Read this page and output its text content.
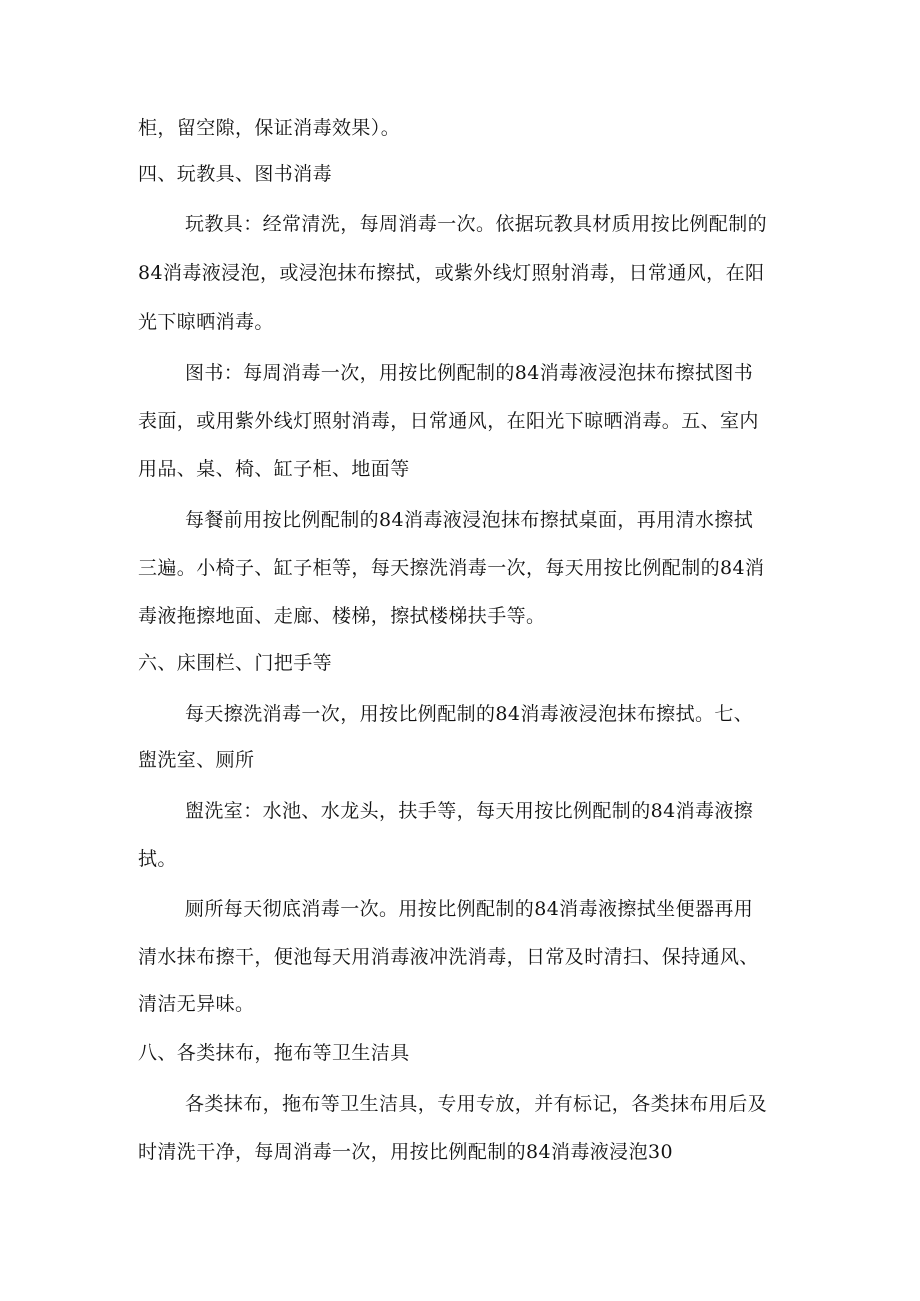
柜，留空隙，保证消毒效果）。
四、玩教具、图书消毒
玩教具：经常清洗，每周消毒一次。依据玩教具材质用按比例配制的
84消毒液浸泡，或浸泡抹布擦拭，或紫外线灯照射消毒，日常通风，在阳
光下晾晒消毒。
图书：每周消毒一次，用按比例配制的84消毒液浸泡抹布擦拭图书
表面，或用紫外线灯照射消毒，日常通风，在阳光下晾晒消毒。五、室内
用品、桌、椅、缸子柜、地面等
每餐前用按比例配制的84消毒液浸泡抹布擦拭桌面，再用清水擦拭
三遍。小椅子、缸子柜等，每天擦洗消毒一次，每天用按比例配制的84消
毒液拖擦地面、走廊、楼梯，擦拭楼梯扶手等。
六、床围栏、门把手等
每天擦洗消毒一次，用按比例配制的84消毒液浸泡抹布擦拭。七、
盥洗室、厕所
盥洗室：水池、水龙头，扶手等，每天用按比例配制的84消毒液擦
拭。
厕所每天彻底消毒一次。用按比例配制的84消毒液擦拭坐便器再用
清水抹布擦干，便池每天用消毒液冲洗消毒，日常及时清扫、保持通风、
清洁无异味。
八、各类抹布，拖布等卫生洁具
各类抹布，拖布等卫生洁具，专用专放，并有标记，各类抹布用后及
时清洗干净，每周消毒一次，用按比例配制的84消毒液浸泡30
